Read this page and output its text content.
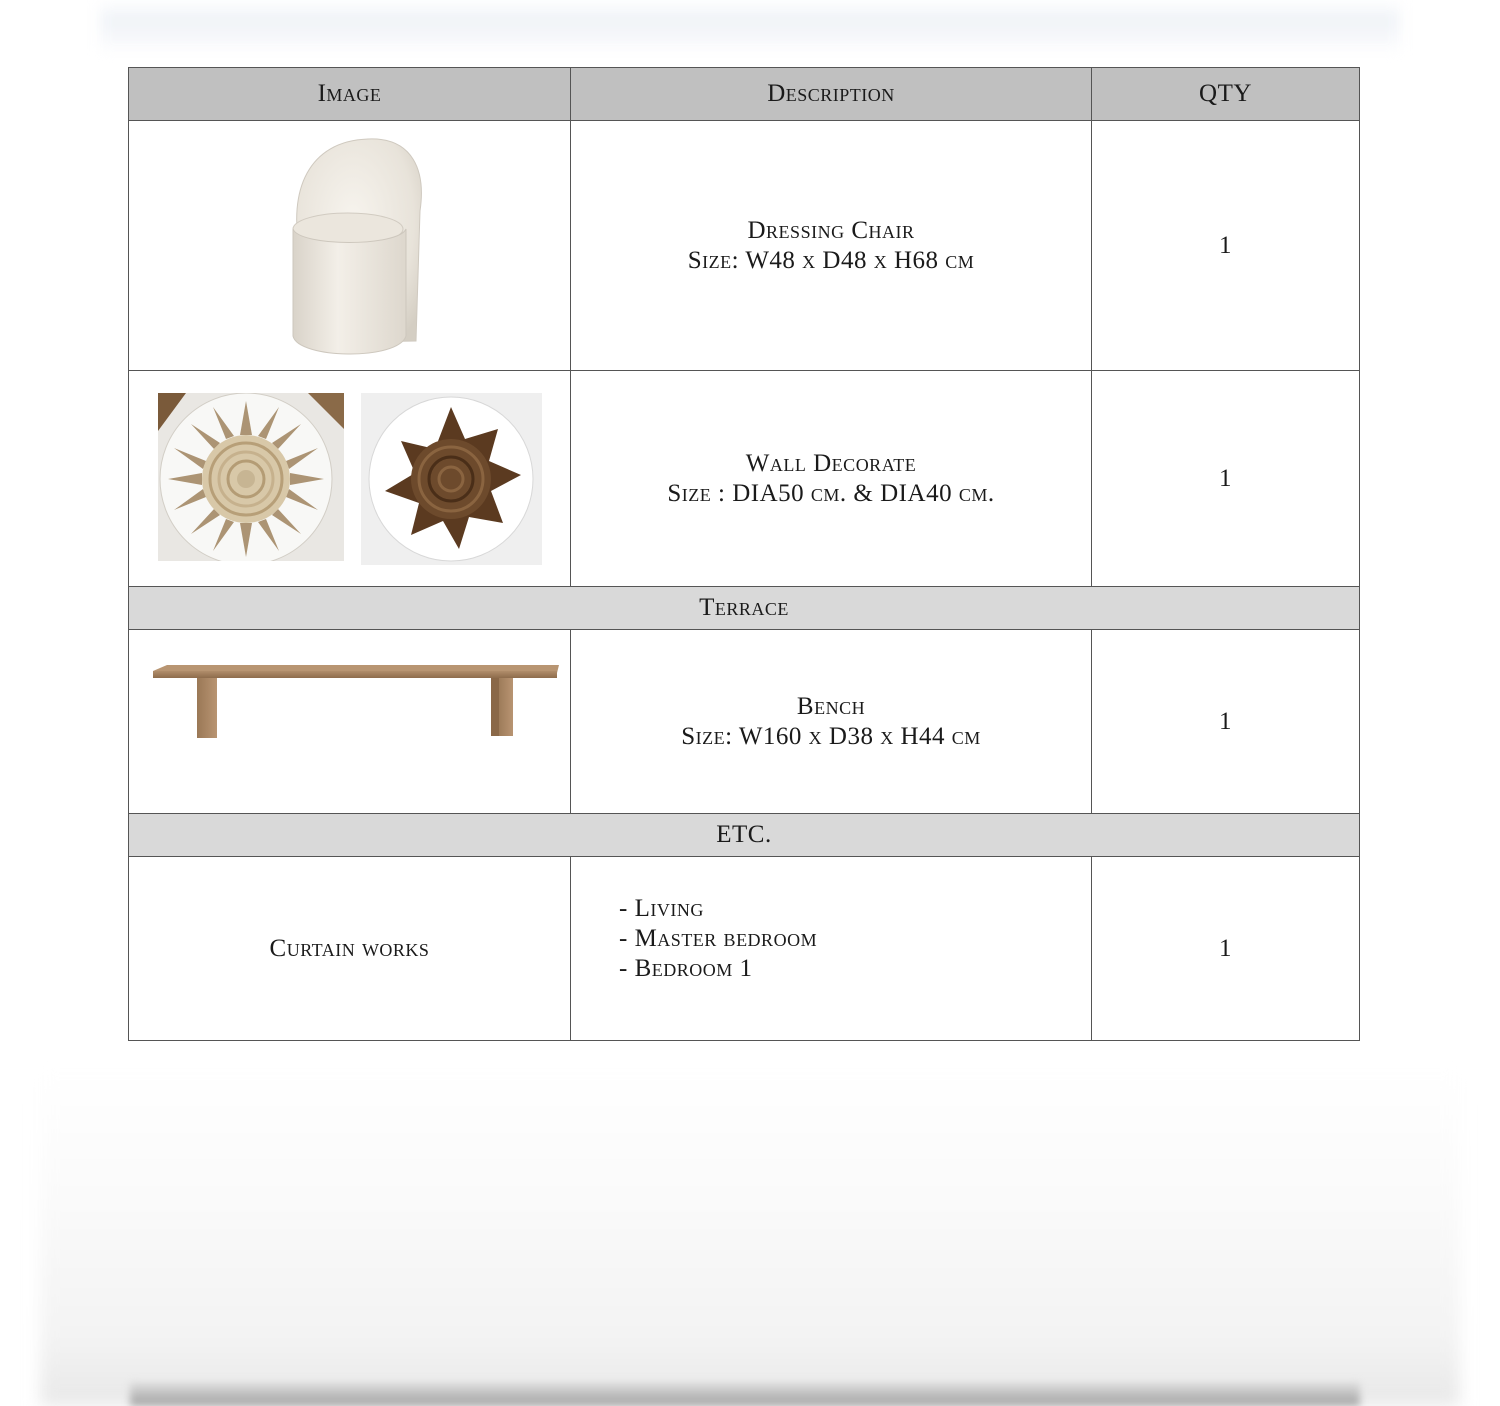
Image	Description	QTY

Dressing Chair
Size: W48 x D48 x H68 cm	1

Wall Decorate
Size : DIA50 cm. & DIA40 cm.	1
Terrace		

Bench
Size: W160 x D38 x H44 cm	1
ETC.		
Curtain works	- Living
- Master bedroom
- Bedroom 1	1
